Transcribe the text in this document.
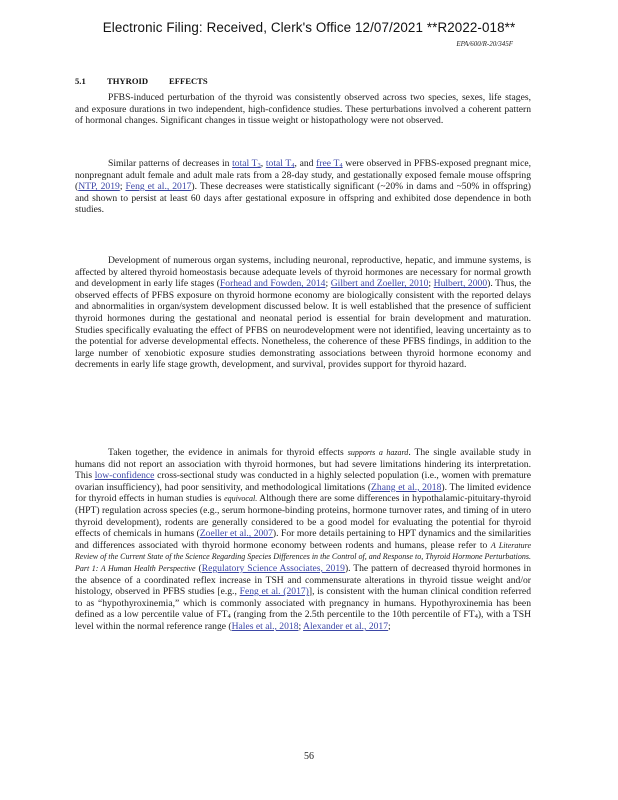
Electronic Filing: Received, Clerk's Office 12/07/2021 **R2022-018**
EPA/600/R-20/345F
5.1 THYROID EFFECTS

PFBS-induced perturbation of the thyroid was consistently observed across two species, sexes, life stages, and exposure durations in two independent, high-confidence studies. These perturbations involved a coherent pattern of hormonal changes. Significant changes in tissue weight or histopathology were not observed.

Similar patterns of decreases in total $T_3$, total $T_4$, and free $T_4$ were observed in PFBS-exposed pregnant mice, nonpregnant adult female and adult male rats from a 28-day study, and gestationally exposed female mouse offspring (NTP, 2019; Feng et al., 2017). These decreases were statistically significant (~20% in dams and ~50% in offspring) and shown to persist at least 60 days after gestational exposure in offspring and exhibited dose dependence in both studies.

Development of numerous organ systems, including neuronal, reproductive, hepatic, and immune systems, is affected by altered thyroid homeostasis because adequate levels of thyroid hormones are necessary for normal growth and development in early life stages (Forhead and Fowden, 2014; Gilbert and Zoeller, 2010; Hulbert, 2000). Thus, the observed effects of PFBS exposure on thyroid hormone economy are biologically consistent with the reported delays and abnormalities in organ/system development discussed below. It is well established that the presence of sufficient thyroid hormones during the gestational and neonatal period is essential for brain development and maturation. Studies specifically evaluating the effect of PFBS on neurodevelopment were not identified, leaving uncertainty as to the potential for adverse developmental effects. Nonetheless, the coherence of these PFBS findings, in addition to the large number of xenobiotic exposure studies demonstrating associations between thyroid hormone economy and decrements in early life stage growth, development, and survival, provides support for thyroid hazard.

Taken together, the evidence in animals for thyroid effects supports a hazard. The single available study in humans did not report an association with thyroid hormones, but had severe limitations hindering its interpretation. This low-confidence cross-sectional study was conducted in a highly selected population (i.e., women with premature ovarian insufficiency), had poor sensitivity, and methodological limitations (Zhang et al., 2018). The limited evidence for thyroid effects in human studies is equivocal. Although there are some differences in hypothalamic-pituitary-thyroid (HPT) regulation across species (e.g., serum hormone-binding proteins, hormone turnover rates, and timing of in utero thyroid development), rodents are generally considered to be a good model for evaluating the potential for thyroid effects of chemicals in humans (Zoeller et al., 2007). For more details pertaining to HPT dynamics and the similarities and differences associated with thyroid hormone economy between rodents and humans, please refer to A Literature Review of the Current State of the Science Regarding Species Differences in the Control of, and Response to, Thyroid Hormone Perturbations. Part 1: A Human Health Perspective (Regulatory Science Associates, 2019). The pattern of decreased thyroid hormones in the absence of a coordinated reflex increase in TSH and commensurate alterations in thyroid tissue weight and/or histology, observed in PFBS studies [e.g., Feng et al. (2017)], is consistent with the human clinical condition referred to as “hypothyroxinemia,” which is commonly associated with pregnancy in humans. Hypothyroxinemia has been defined as a low percentile value of $FT_4$ (ranging from the 2.5th percentile to the 10th percentile of $FT_4$), with a TSH level within the normal reference range (Hales et al., 2018; Alexander et al., 2017;

56
